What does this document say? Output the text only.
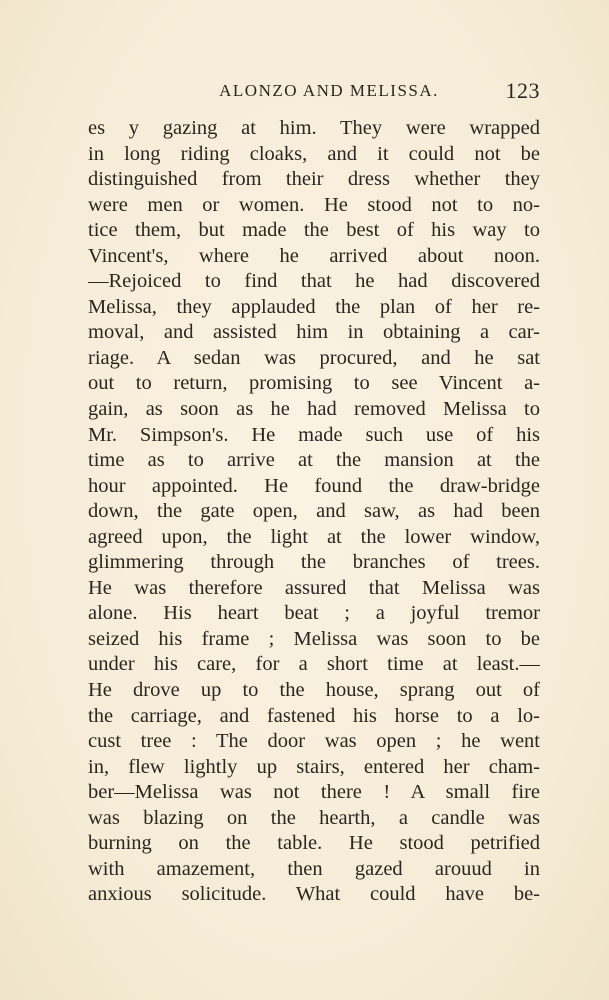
ALONZO AND MELISSA.	123
es y gazing at him. They were wrapped
in long riding cloaks, and it could not be
distinguished from their dress whether they
were men or women. He stood not to no-
tice them, but made the best of his way to
Vincent's, where he arrived about noon.
—Rejoiced to find that he had discovered
Melissa, they applauded the plan of her re-
moval, and assisted him in obtaining a car-
riage. A sedan was procured, and he sat
out to return, promising to see Vincent a-
gain, as soon as he had removed Melissa to
Mr. Simpson's. He made such use of his
time as to arrive at the mansion at the
hour appointed. He found the draw-bridge
down, the gate open, and saw, as had been
agreed upon, the light at the lower window,
glimmering through the branches of trees.
He was therefore assured that Melissa was
alone. His heart beat ; a joyful tremor
seized his frame ; Melissa was soon to be
under his care, for a short time at least.—
He drove up to the house, sprang out of
the carriage, and fastened his horse to a lo-
cust tree : The door was open ; he went
in, flew lightly up stairs, entered her cham-
ber—Melissa was not there ! A small fire
was blazing on the hearth, a candle was
burning on the table. He stood petrified
with amazement, then gazed arouud in
anxious solicitude. What could have be-
